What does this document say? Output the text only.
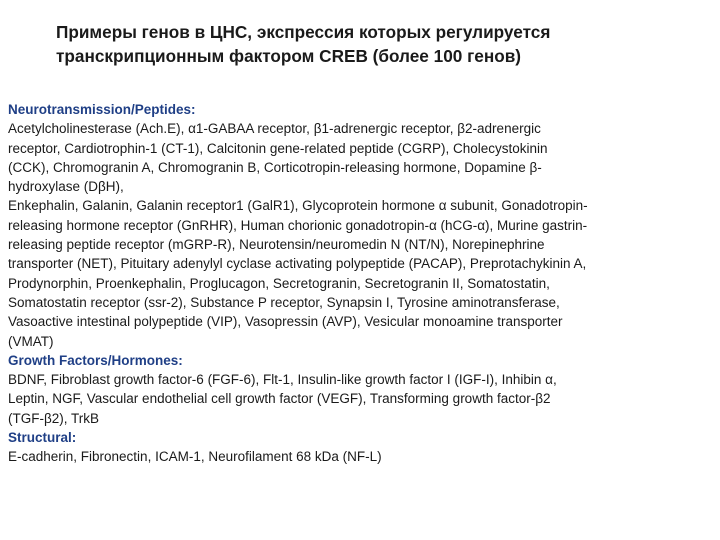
Примеры генов в ЦНС, экспрессия которых регулируется
транскрипционным фактором CREB (более 100 генов)
Neurotransmission/Peptides:
Acetylcholinesterase (Ach.E), α1-GABAA receptor, β1-adrenergic receptor, β2-adrenergic
receptor, Cardiotrophin-1 (CT-1), Calcitonin gene-related peptide (CGRP), Cholecystokinin
(CCK), Chromogranin A, Chromogranin B, Corticotropin-releasing hormone, Dopamine β-
hydroxylase (DβH),
Enkephalin, Galanin, Galanin receptor1 (GalR1), Glycoprotein hormone α subunit, Gonadotropin-
releasing hormone receptor (GnRHR), Human chorionic gonadotropin-α (hCG-α), Murine gastrin-
releasing peptide receptor (mGRP-R), Neurotensin/neuromedin N (NT/N), Norepinephrine
transporter (NET), Pituitary adenylyl cyclase activating polypeptide (PACAP), Preprotachykinin A,
Prodynorphin, Proenkephalin, Proglucagon, Secretogranin, Secretogranin II, Somatostatin,
Somatostatin receptor (ssr-2), Substance P receptor, Synapsin I, Tyrosine aminotransferase,
Vasoactive intestinal polypeptide (VIP), Vasopressin (AVP), Vesicular monoamine transporter
(VMAT)
Growth Factors/Hormones:
BDNF, Fibroblast growth factor-6 (FGF-6), Flt-1, Insulin-like growth factor I (IGF-I), Inhibin α,
Leptin, NGF, Vascular endothelial cell growth factor (VEGF), Transforming growth factor-β2
(TGF-β2), TrkB
Structural:
E-cadherin, Fibronectin, ICAM-1, Neurofilament 68 kDa (NF-L)
